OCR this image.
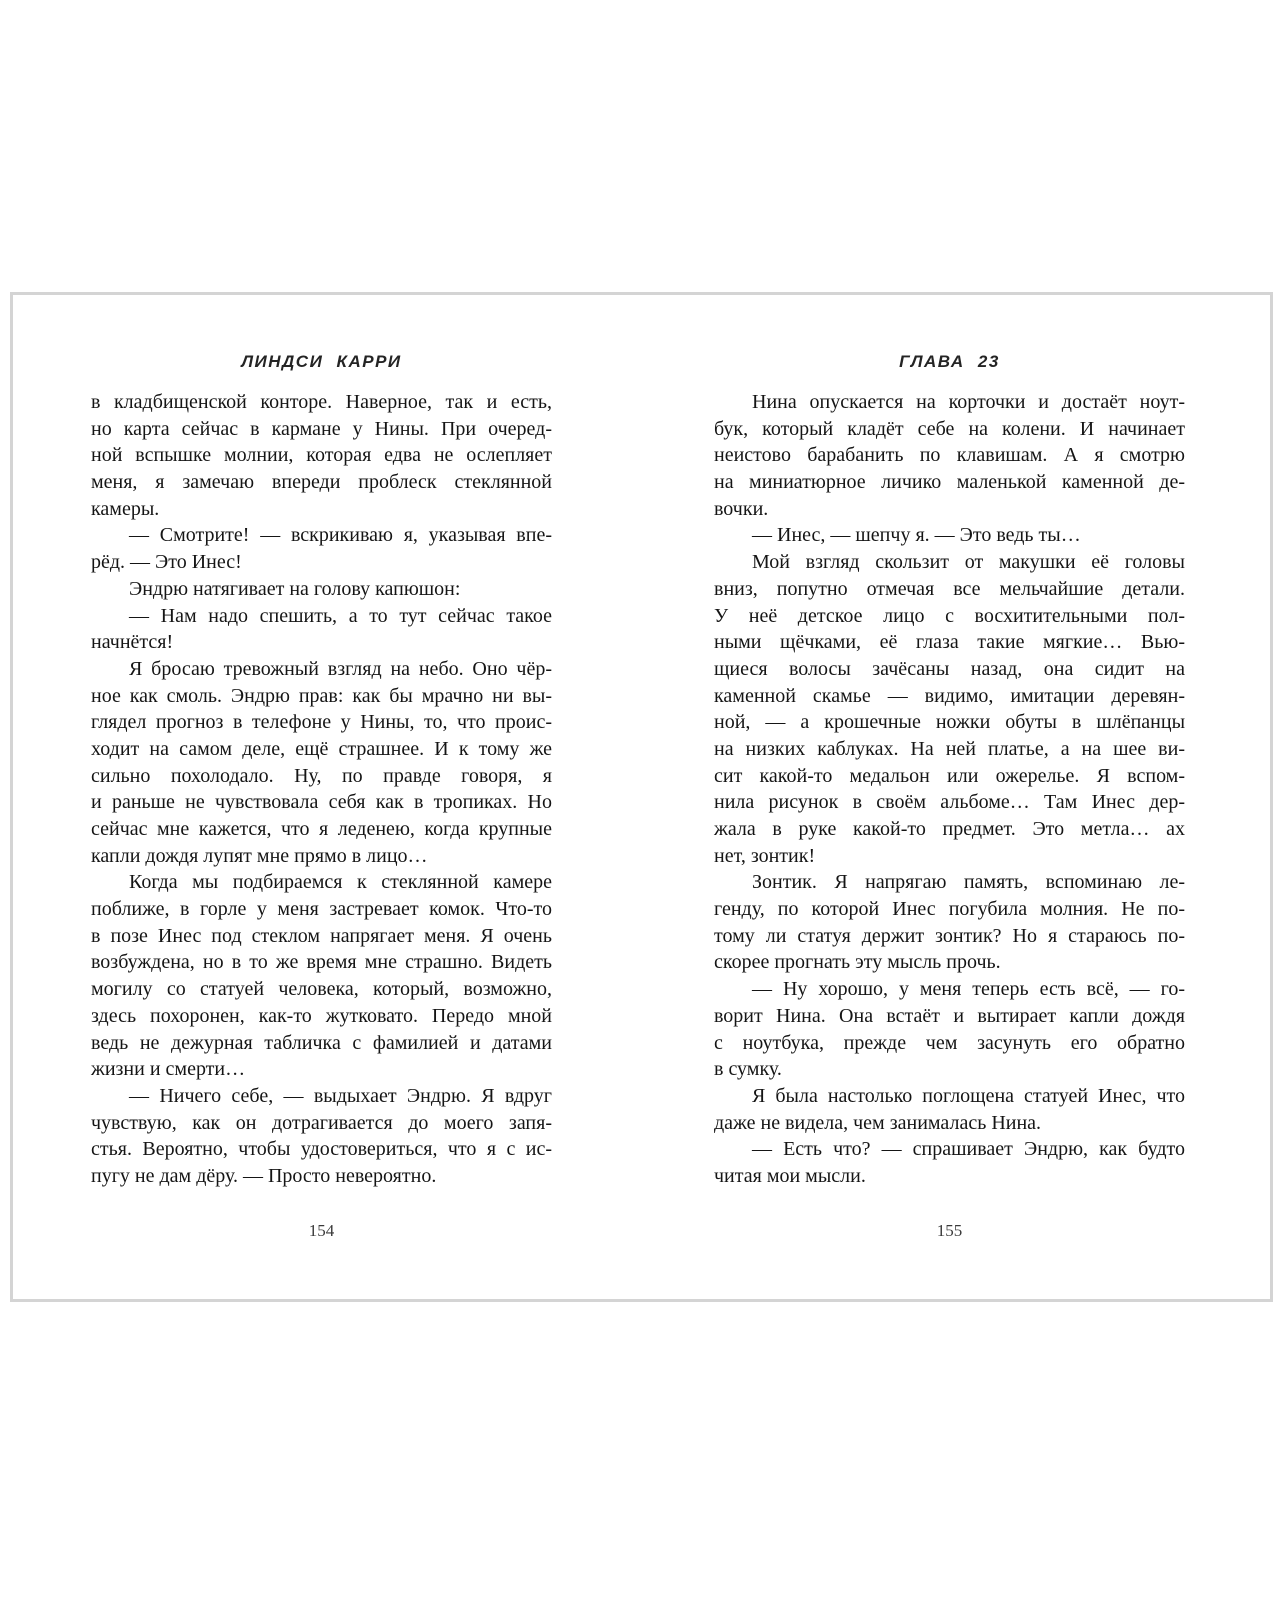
ЛИНДСИ КАРРИ	ГЛАВА 23
в кладбищенской конторе. Наверное, так и есть,
но карта сейчас в кармане у Нины. При очеред-
ной вспышке молнии, которая едва не ослепляет
меня, я замечаю впереди проблеск стеклянной
камеры.
— Смотрите! — вскрикиваю я, указывая впе-
рёд. — Это Инес!
Эндрю натягивает на голову капюшон:
— Нам надо спешить, а то тут сейчас такое
начнётся!
Я бросаю тревожный взгляд на небо. Оно чёр-
ное как смоль. Эндрю прав: как бы мрачно ни вы-
глядел прогноз в телефоне у Нины, то, что проис-
ходит на самом деле, ещё страшнее. И к тому же
сильно похолодало. Ну, по правде говоря, я
и раньше не чувствовала себя как в тропиках. Но
сейчас мне кажется, что я леденею, когда крупные
капли дождя лупят мне прямо в лицо…
Когда мы подбираемся к стеклянной камере
поближе, в горле у меня застревает комок. Что-то
в позе Инес под стеклом напрягает меня. Я очень
возбуждена, но в то же время мне страшно. Видеть
могилу со статуей человека, который, возможно,
здесь похоронен, как-то жутковато. Передо мной
ведь не дежурная табличка с фамилией и датами
жизни и смерти…
— Ничего себе, — выдыхает Эндрю. Я вдруг
чувствую, как он дотрагивается до моего запя-
стья. Вероятно, чтобы удостовериться, что я с ис-
пугу не дам дёру. — Просто невероятно.
Нина опускается на корточки и достаёт ноут-
бук, который кладёт себе на колени. И начинает
неистово барабанить по клавишам. А я смотрю
на миниатюрное личико маленькой каменной де-
вочки.
— Инес, — шепчу я. — Это ведь ты…
Мой взгляд скользит от макушки её головы
вниз, попутно отмечая все мельчайшие детали.
У неё детское лицо с восхитительными пол-
ными щёчками, её глаза такие мягкие… Вью-
щиеся волосы зачёсаны назад, она сидит на
каменной скамье — видимо, имитации деревян-
ной, — а крошечные ножки обуты в шлёпанцы
на низких каблуках. На ней платье, а на шее ви-
сит какой-то медальон или ожерелье. Я вспом-
нила рисунок в своём альбоме… Там Инес дер-
жала в руке какой-то предмет. Это метла… ах
нет, зонтик!
Зонтик. Я напрягаю память, вспоминаю ле-
генду, по которой Инес погубила молния. Не по-
тому ли статуя держит зонтик? Но я стараюсь по-
скорее прогнать эту мысль прочь.
— Ну хорошо, у меня теперь есть всё, — го-
ворит Нина. Она встаёт и вытирает капли дождя
с ноутбука, прежде чем засунуть его обратно
в сумку.
Я была настолько поглощена статуей Инес, что
даже не видела, чем занималась Нина.
— Есть что? — спрашивает Эндрю, как будто
читая мои мысли.
154	155
